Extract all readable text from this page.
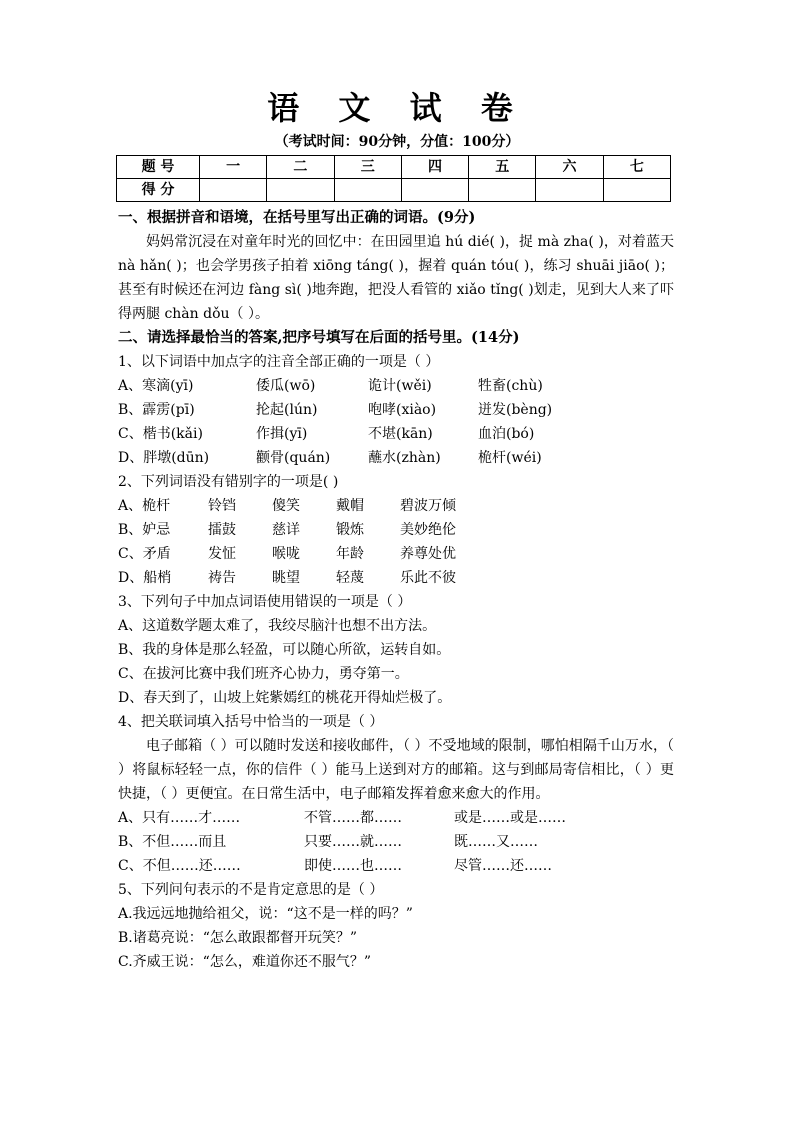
语 文 试 卷
（考试时间：90分钟，分值：100分）
题 号	一	二	三	四	五	六	七
得 分							
一、根据拼音和语境，在括号里写出正确的词语。(9分)
妈妈常沉浸在对童年时光的回忆中：在田园里追 hú dié( )，捉 mà zha( )，对着蓝天 nà hǎn( )；也会学男孩子拍着 xiōng táng( )，握着 quán tóu( )，练习 shuāi jiāo( )；甚至有时候还在河边 fàng sì( )地奔跑，把没人看管的 xiǎo tǐng( )划走，见到大人来了吓得两腿 chàn dǒu（ ）。
二、请选择最恰当的答案,把序号填写在后面的括号里。(14分)
1、以下词语中加点字的注音全部正确的一项是（ ）
A、寒滴(yī)	倭瓜(wō)	诡计(wěi)	牲畜(chù)
B、霹雳(pī)	抡起(lún)	咆哮(xiào)	迸发(bèng)
C、楷书(kǎi)	作揖(yī)	不堪(kān)	血泊(bó)
D、胖墩(dūn)	颧骨(quán)	蘸水(zhàn)	桅杆(wéi)
2、下列词语没有错别字的一项是( )
A、桅杆	铃铛	傻笑	戴帽	碧波万倾
B、妒忌	擂鼓	慈详	锻炼	美妙绝伦
C、矛盾	发怔	喉咙	年龄	养尊处优
D、船梢	祷告	眺望	轻蔑	乐此不彼
3、下列句子中加点词语使用错误的一项是（ ）
A、这道数学题太难了，我绞尽脑汁也想不出方法。
B、我的身体是那么轻盈，可以随心所欲，运转自如。
C、在拔河比赛中我们班齐心协力，勇夺第一。
D、春天到了，山坡上姹紫嫣红的桃花开得灿烂极了。
4、把关联词填入括号中恰当的一项是（ ）
电子邮箱（ ）可以随时发送和接收邮件，（ ）不受地域的限制，哪怕相隔千山万水，（ ）将鼠标轻轻一点，你的信件（ ）能马上送到对方的邮箱。这与到邮局寄信相比，（ ）更快捷，（ ）更便宜。在日常生活中，电子邮箱发挥着愈来愈大的作用。
A、只有……才……	不管……都……	或是……或是……
B、不但……而且	只要……就……	既……又……
C、不但……还……	即使……也……	尽管……还……
5、下列问句表示的不是肯定意思的是（ ）
A.我远远地抛给祖父，说：“这不是一样的吗？”
B.诸葛亮说：“怎么敢跟都督开玩笑？”
C.齐威王说：“怎么，难道你还不服气？”
